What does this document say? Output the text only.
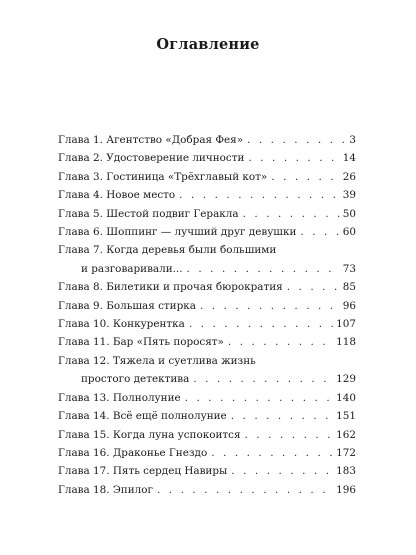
Оглавление
Глава 1. Агентство «Добрая Фея» . . .	3
Глава 2. Удостоверение личности . . .	14
Глава 3. Гостиница «Трёхглавый кот» . . .	26
Глава 4. Новое место . . .	39
Глава 5. Шестой подвиг Геракла . . .	50
Глава 6. Шоппинг — лучший друг девушки . . .	60
Глава 7. Когда деревья были большими
и разговаривали... . . .	73
Глава 8. Билетики и прочая бюрократия . . .	85
Глава 9. Большая стирка . . .	96
Глава 10. Конкурентка . . .	107
Глава 11. Бар «Пять поросят» . . .	118
Глава 12. Тяжела и суетлива жизнь
простого детектива . . .	129
Глава 13. Полнолуние . . .	140
Глава 14. Всё ещё полнолуние . . .	151
Глава 15. Когда луна успокоится . . .	162
Глава 16. Драконье Гнездо . . .	172
Глава 17. Пять сердец Навиры . . .	183
Глава 18. Эпилог . . .	196
